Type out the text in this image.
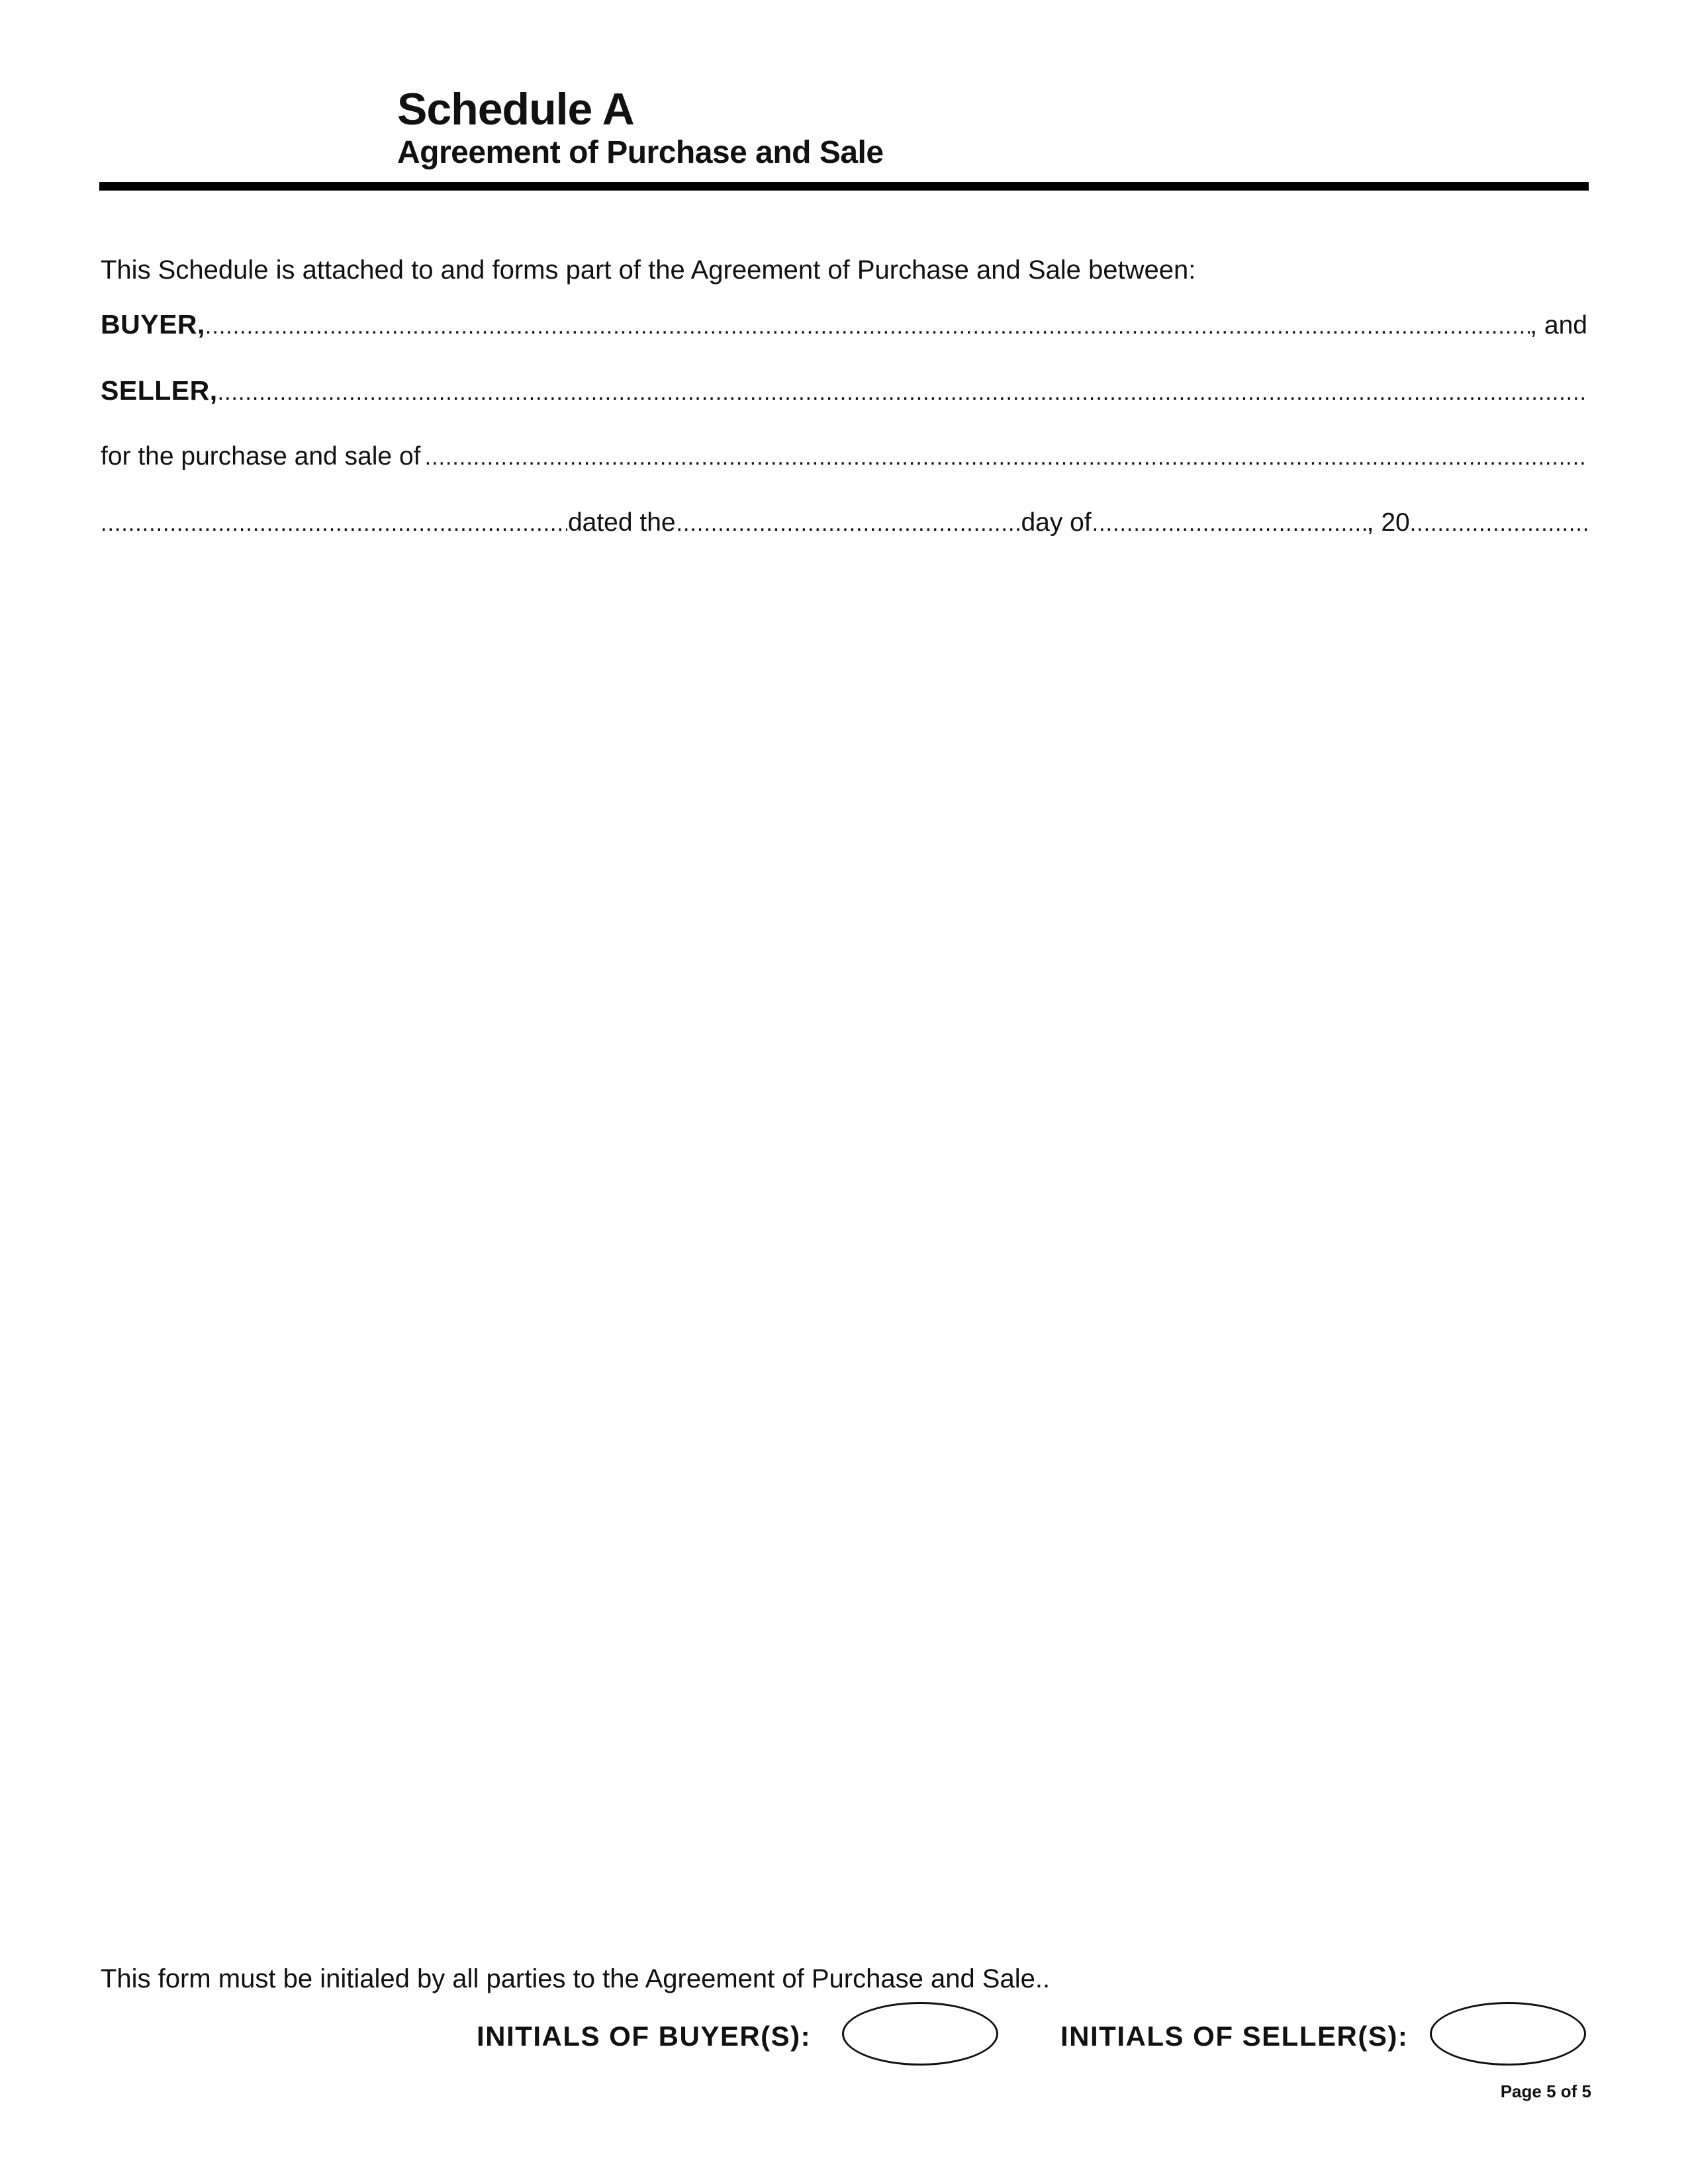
Schedule A
Agreement of Purchase and Sale
This Schedule is attached to and forms part of the Agreement of Purchase and Sale between:
BUYER, .....	, and
SELLER,
.....
for the purchase and sale of
.....
.....
dated the .....	day of .....	, 20
.....
This form must be initialed by all parties to the Agreement of Purchase and Sale..
INITIALS OF BUYER(S):	INITIALS OF SELLER(S):
Page 5 of 5
